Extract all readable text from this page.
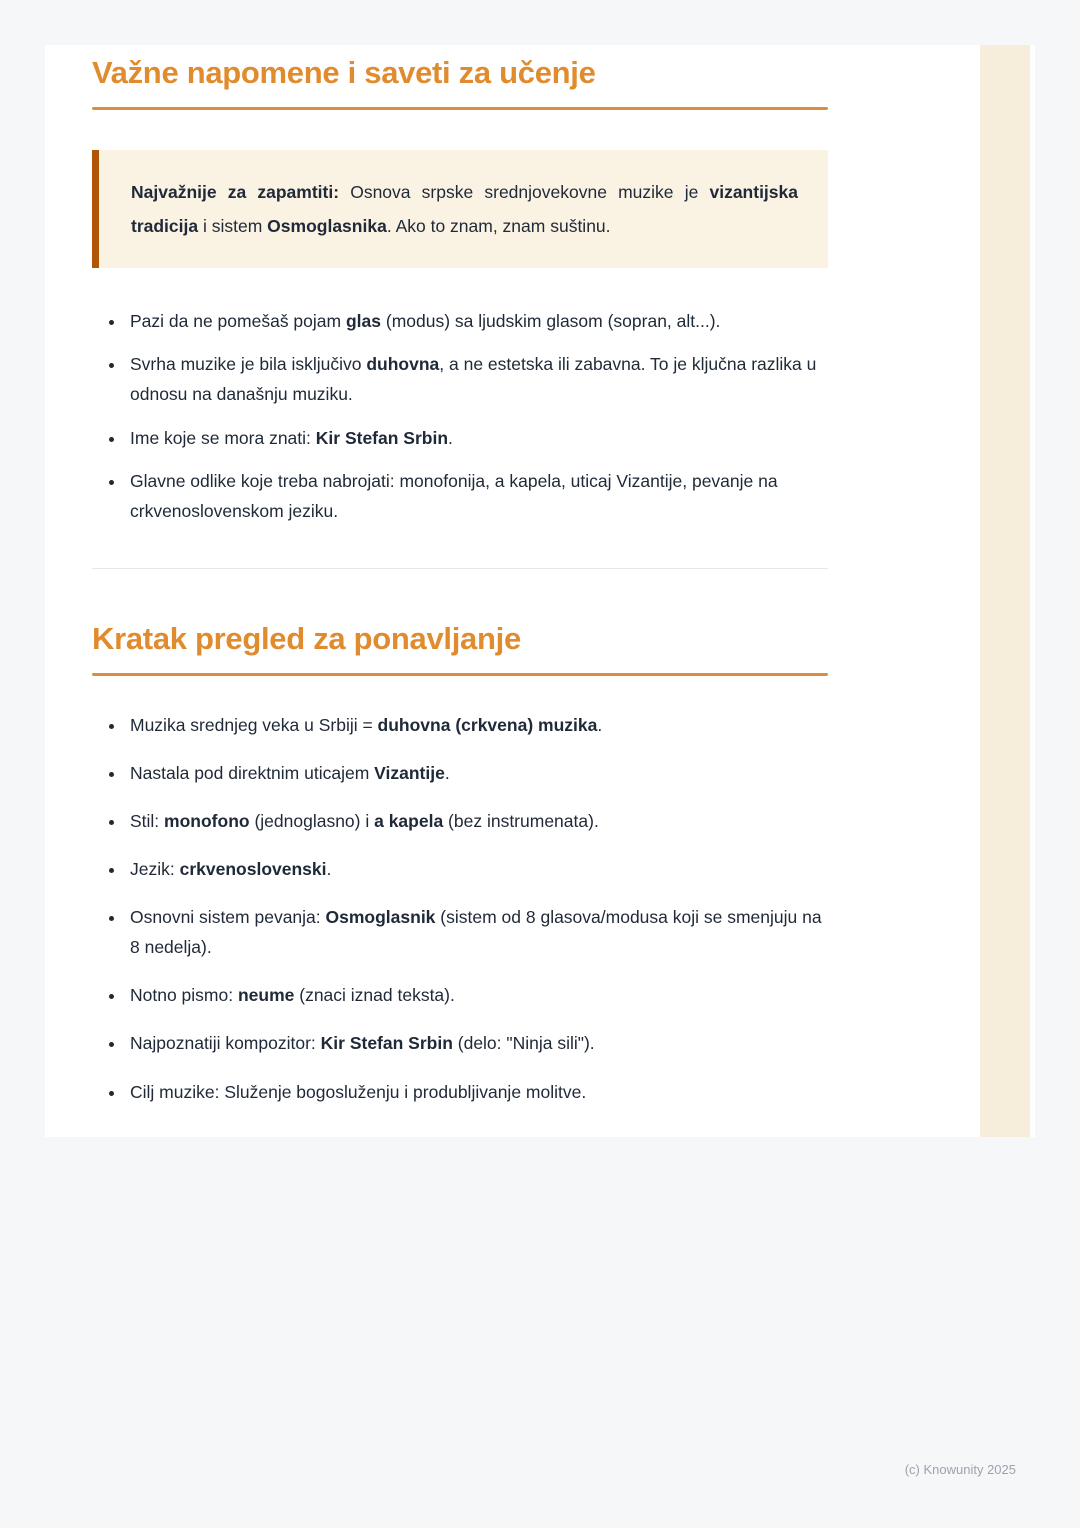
Važne napomene i saveti za učenje

Najvažnije za zapamtiti: Osnova srpske srednjovekovne muzike je vizantijska tradicija i sistem Osmoglasnika. Ako to znam, znam suštinu.

• Pazi da ne pomešaš pojam glas (modus) sa ljudskim glasom (sopran, alt...).
• Svrha muzike je bila isključivo duhovna, a ne estetska ili zabavna. To je ključna razlika u odnosu na današnju muziku.
• Ime koje se mora znati: Kir Stefan Srbin.
• Glavne odlike koje treba nabrojati: monofonija, a kapela, uticaj Vizantije, pevanje na crkvenoslovenskom jeziku.
Kratak pregled za ponavljanje
• Muzika srednjeg veka u Srbiji = duhovna (crkvena) muzika.
• Nastala pod direktnim uticajem Vizantije.
• Stil: monofono (jednoglasno) i a kapela (bez instrumenata).
• Jezik: crkvenoslovenski.
• Osnovni sistem pevanja: Osmoglasnik (sistem od 8 glasova/modusa koji se smenjuju na 8 nedelja).
• Notno pismo: neume (znaci iznad teksta).
• Najpoznatiji kompozitor: Kir Stefan Srbin (delo: "Ninja sili").
• Cilj muzike: Služenje bogosluženju i produbljivanje molitve.
(c) Knowunity 2025
